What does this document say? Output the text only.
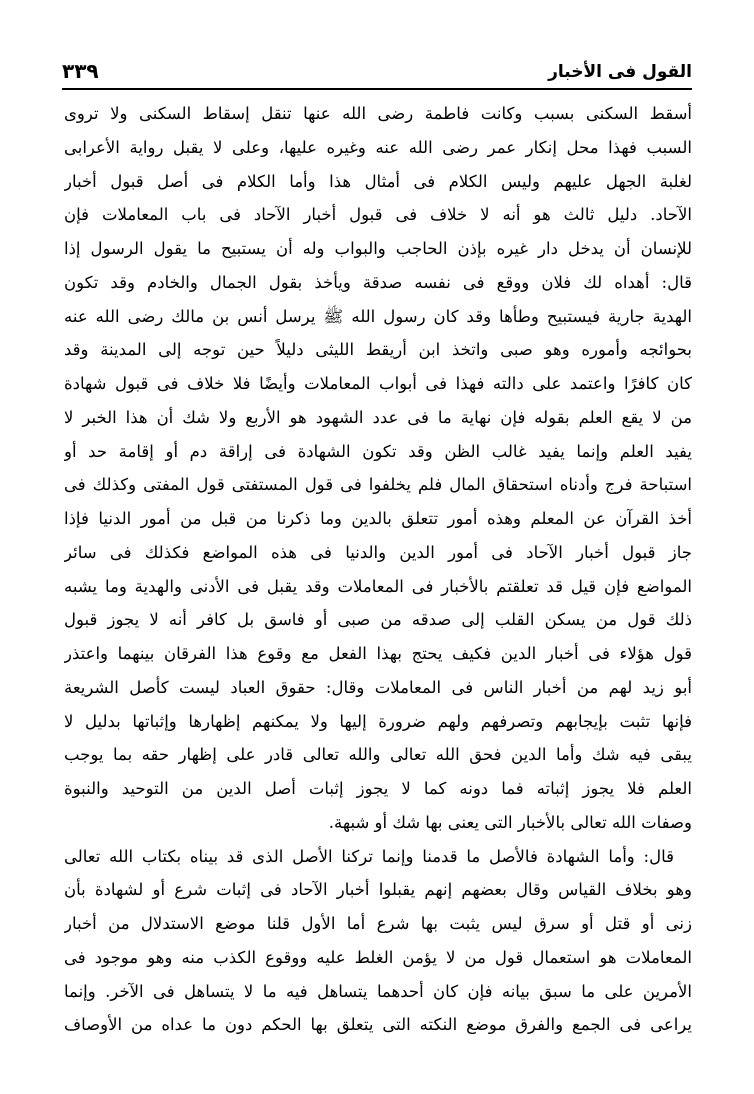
القول فى الأخبار
٣٣٩
أسقط السكنى بسبب وكانت فاطمة رضى الله عنها تنقل إسقاط السكنى ولا تروى
السبب فهذا محل إنكار عمر رضى الله عنه وغيره عليها، وعلى لا يقبل رواية الأعرابى
لغلبة الجهل عليهم وليس الكلام فى أمثال هذا وأما الكلام فى أصل قبول أخبار
الآحاد. دليل ثالث هو أنه لا خلاف فى قبول أخبار الآحاد فى باب المعاملات فإن
للإنسان أن يدخل دار غيره بإذن الحاجب والبواب وله أن يستبيح ما يقول الرسول إذا
قال: أهداه لك فلان ووقع فى نفسه صدقة ويأخذ بقول الجمال والخادم وقد تكون
الهدية جارية فيستبيح وطأها وقد كان رسول الله ﷺ يرسل أنس بن مالك رضى الله عنه
بحوائجه وأموره وهو صبى واتخذ ابن أريقط الليثى دليلاً حين توجه إلى المدينة وقد
كان كافرًا واعتمد على دالته فهذا فى أبواب المعاملات وأيضًا فلا خلاف فى قبول شهادة
من لا يقع العلم بقوله فإن نهاية ما فى عدد الشهود هو الأربع ولا شك أن هذا الخبر لا
يفيد العلم وإنما يفيد غالب الظن وقد تكون الشهادة فى إراقة دم أو إقامة حد أو
استباحة فرج وأدناه استحقاق المال فلم يخلفوا فى قول المستفتى قول المفتى وكذلك فى
أخذ القرآن عن المعلم وهذه أمور تتعلق بالدين وما ذكرنا من قبل من أمور الدنيا فإذا
جاز قبول أخبار الآحاد فى أمور الدين والدنيا فى هذه المواضع فكذلك فى سائر
المواضع فإن قيل قد تعلقتم بالأخبار فى المعاملات وقد يقبل فى الأدنى والهدية وما يشبه
ذلك قول من يسكن القلب إلى صدقه من صبى أو فاسق بل كافر أنه لا يجوز قبول
قول هؤلاء فى أخبار الدين فكيف يحتج بهذا الفعل مع وقوع هذا الفرقان بينهما واعتذر
أبو زيد لهم من أخبار الناس فى المعاملات وقال: حقوق العباد ليست كأصل الشريعة
فإنها تثبت بإيجابهم وتصرفهم ولهم ضرورة إليها ولا يمكنهم إظهارها وإثباتها بدليل لا
يبقى فيه شك وأما الدين فحق الله تعالى والله تعالى قادر على إظهار حقه بما يوجب
العلم فلا يجوز إثباته فما دونه كما لا يجوز إثبات أصل الدين من التوحيد والنبوة
وصفات الله تعالى بالأخبار التى يعنى بها شك أو شبهة.
قال: وأما الشهادة فالأصل ما قدمنا وإنما تركنا الأصل الذى قد بيناه بكتاب الله تعالى
وهو بخلاف القياس وقال بعضهم إنهم يقبلوا أخبار الآحاد فى إثبات شرع أو لشهادة بأن
زنى أو قتل أو سرق ليس يثبت بها شرع أما الأول قلنا موضع الاستدلال من أخبار
المعاملات هو استعمال قول من لا يؤمن الغلط عليه ووقوع الكذب منه وهو موجود فى
الأمرين على ما سبق بيانه فإن كان أحدهما يتساهل فيه ما لا يتساهل فى الآخر. وإنما
يراعى فى الجمع والفرق موضع النكته التى يتعلق بها الحكم دون ما عداه من الأوصاف
